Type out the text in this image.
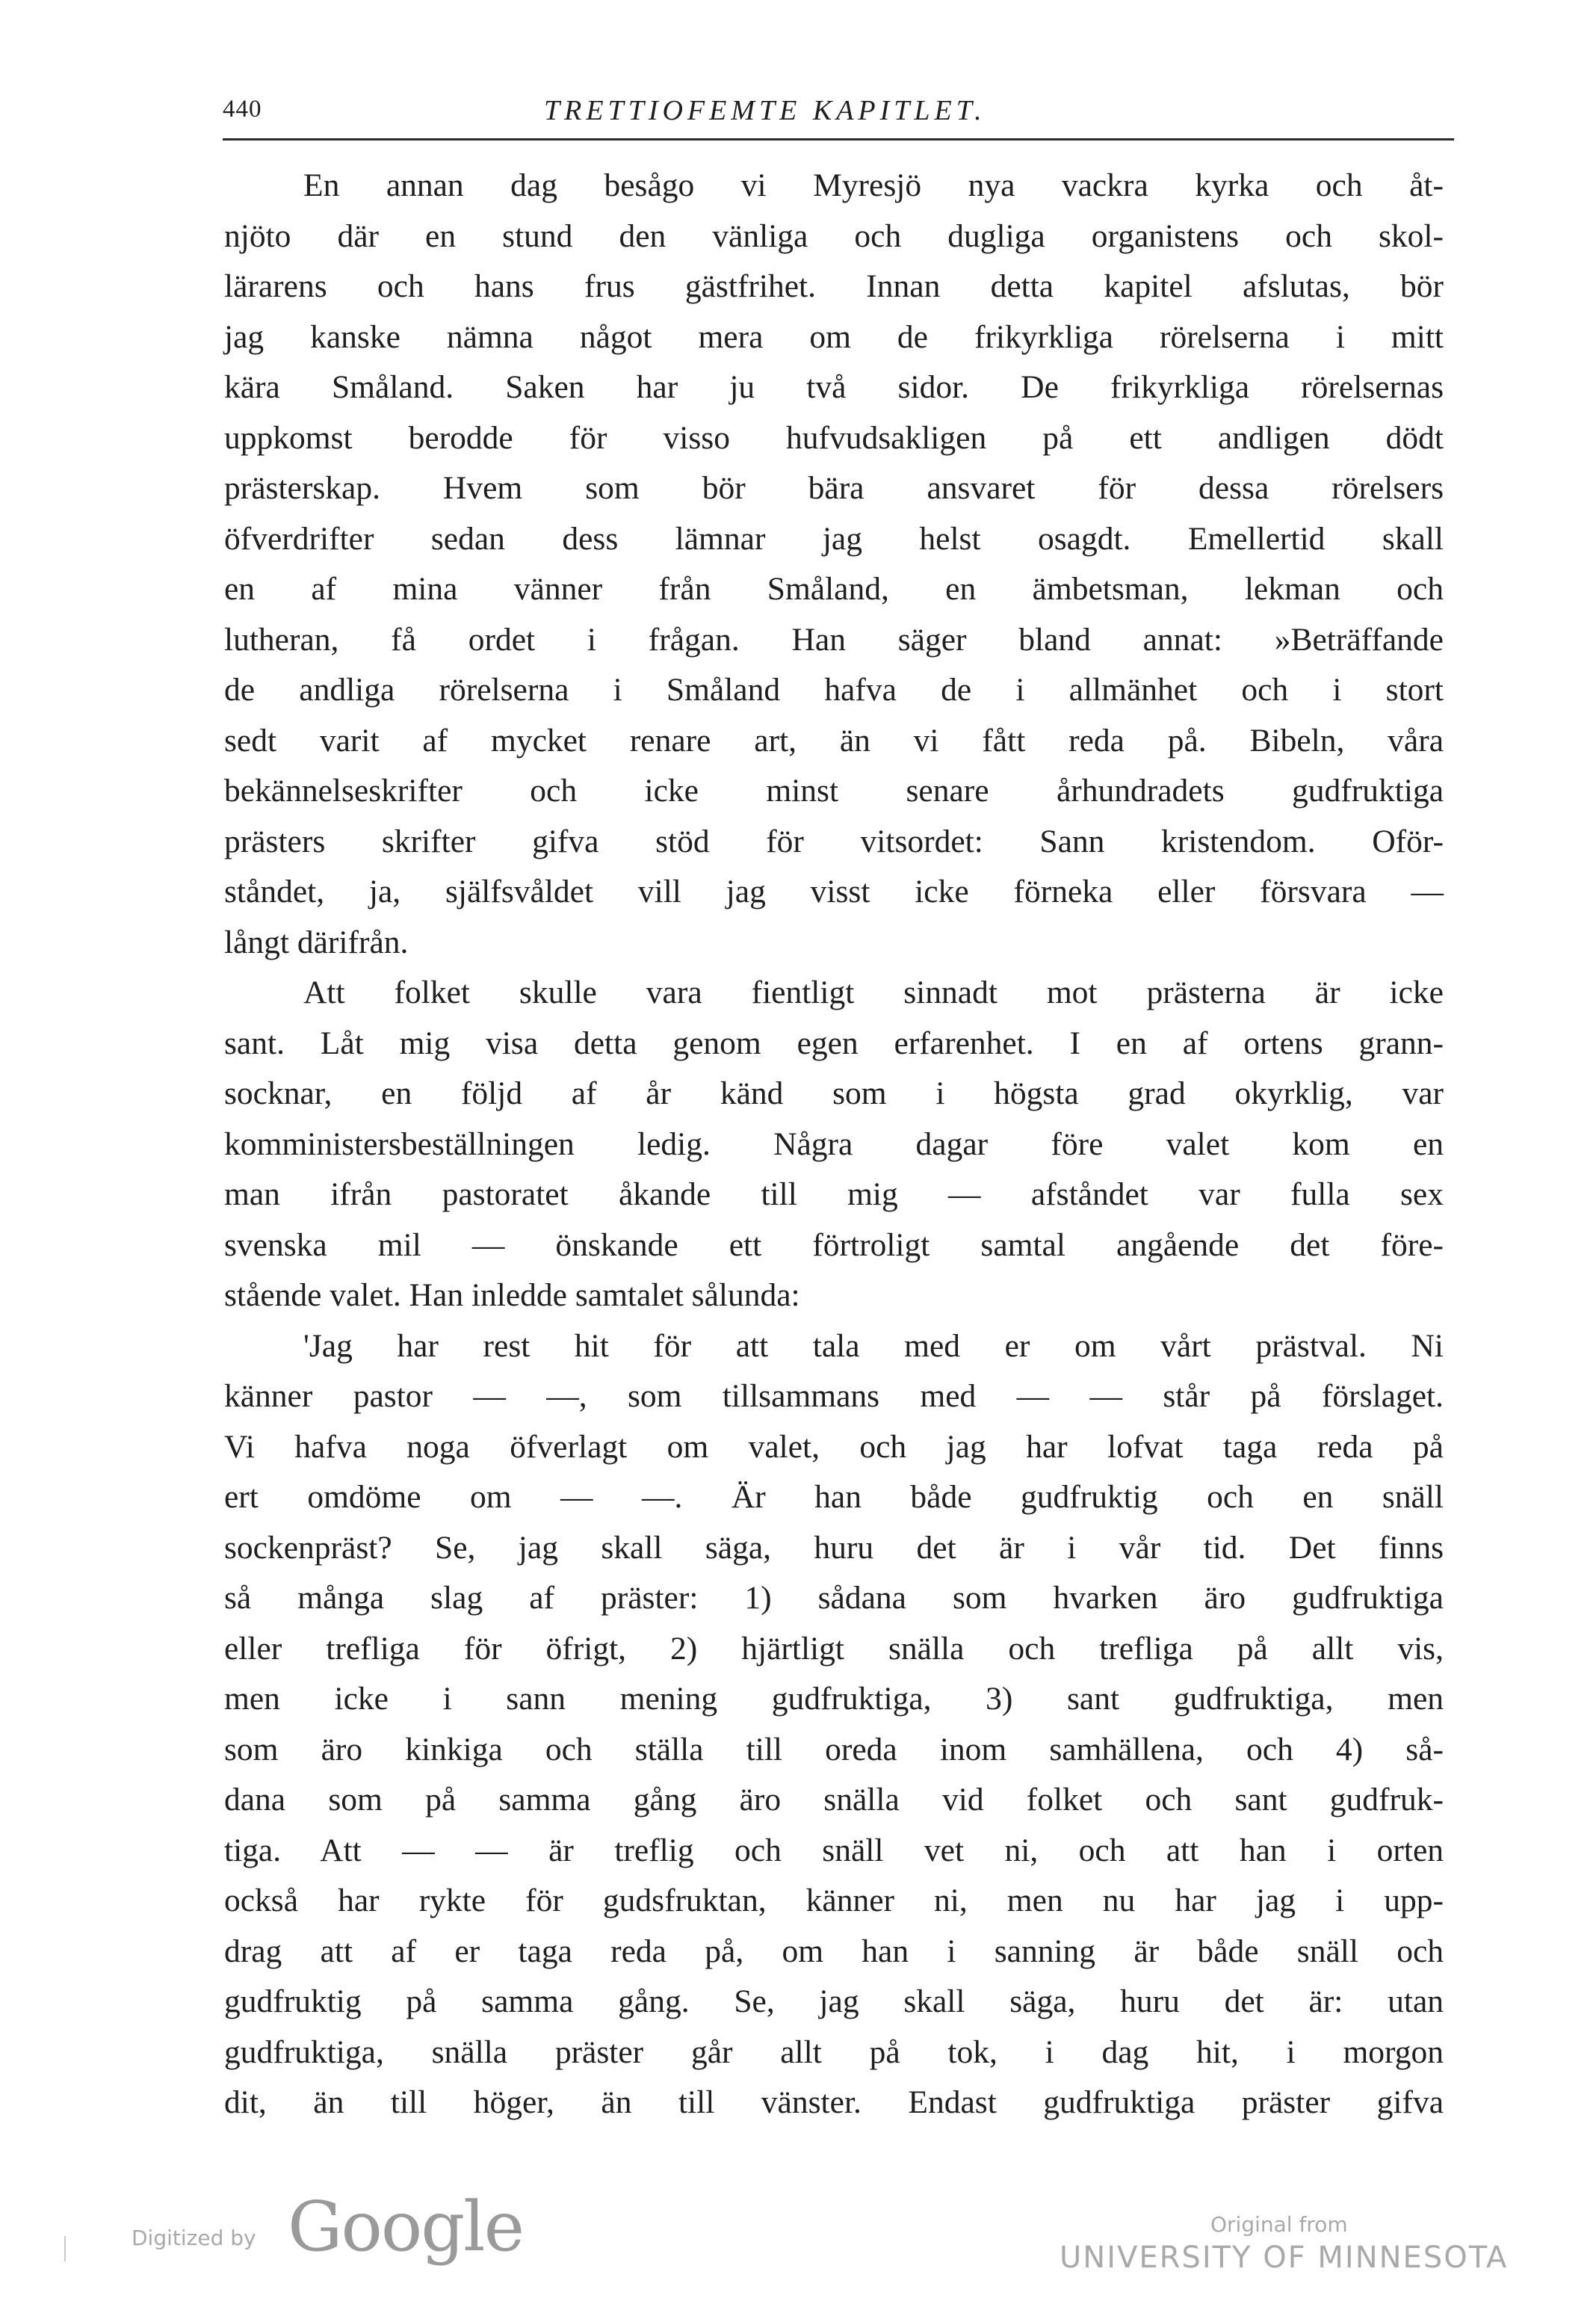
440	TRETTIOFEMTE KAPITLET.
En annan dag besågo vi Myresjö nya vackra kyrka och åt-
njöto där en stund den vänliga och dugliga organistens och skol-
lärarens och hans frus gästfrihet. Innan detta kapitel afslutas, bör
jag kanske nämna något mera om de frikyrkliga rörelserna i mitt
kära Småland. Saken har ju två sidor. De frikyrkliga rörelsernas
uppkomst berodde för visso hufvudsakligen på ett andligen dödt
prästerskap. Hvem som bör bära ansvaret för dessa rörelsers
öfverdrifter sedan dess lämnar jag helst osagdt. Emellertid skall
en af mina vänner från Småland, en ämbetsman, lekman och
lutheran, få ordet i frågan. Han säger bland annat: »Beträffande
de andliga rörelserna i Småland hafva de i allmänhet och i stort
sedt varit af mycket renare art, än vi fått reda på. Bibeln, våra
bekännelseskrifter och icke minst senare århundradets gudfruktiga
prästers skrifter gifva stöd för vitsordet: Sann kristendom. Oför-
ståndet, ja, själfsvåldet vill jag visst icke förneka eller försvara —
långt därifrån.
Att folket skulle vara fientligt sinnadt mot prästerna är icke
sant. Låt mig visa detta genom egen erfarenhet. I en af ortens grann-
socknar, en följd af år känd som i högsta grad okyrklig, var
komministersbeställningen ledig. Några dagar före valet kom en
man ifrån pastoratet åkande till mig — afståndet var fulla sex
svenska mil — önskande ett förtroligt samtal angående det före-
stående valet. Han inledde samtalet sålunda:
'Jag har rest hit för att tala med er om vårt prästval. Ni
känner pastor — —, som tillsammans med — — står på förslaget.
Vi hafva noga öfverlagt om valet, och jag har lofvat taga reda på
ert omdöme om — —. Är han både gudfruktig och en snäll
sockenpräst? Se, jag skall säga, huru det är i vår tid. Det finns
så många slag af präster: 1) sådana som hvarken äro gudfruktiga
eller trefliga för öfrigt, 2) hjärtligt snälla och trefliga på allt vis,
men icke i sann mening gudfruktiga, 3) sant gudfruktiga, men
som äro kinkiga och ställa till oreda inom samhällena, och 4) så-
dana som på samma gång äro snälla vid folket och sant gudfruk-
tiga. Att — — är treflig och snäll vet ni, och att han i orten
också har rykte för gudsfruktan, känner ni, men nu har jag i upp-
drag att af er taga reda på, om han i sanning är både snäll och
gudfruktig på samma gång. Se, jag skall säga, huru det är: utan
gudfruktiga, snälla präster går allt på tok, i dag hit, i morgon
dit, än till höger, än till vänster. Endast gudfruktiga präster gifva
Digitized by Google	Original from
UNIVERSITY OF MINNESOTA
